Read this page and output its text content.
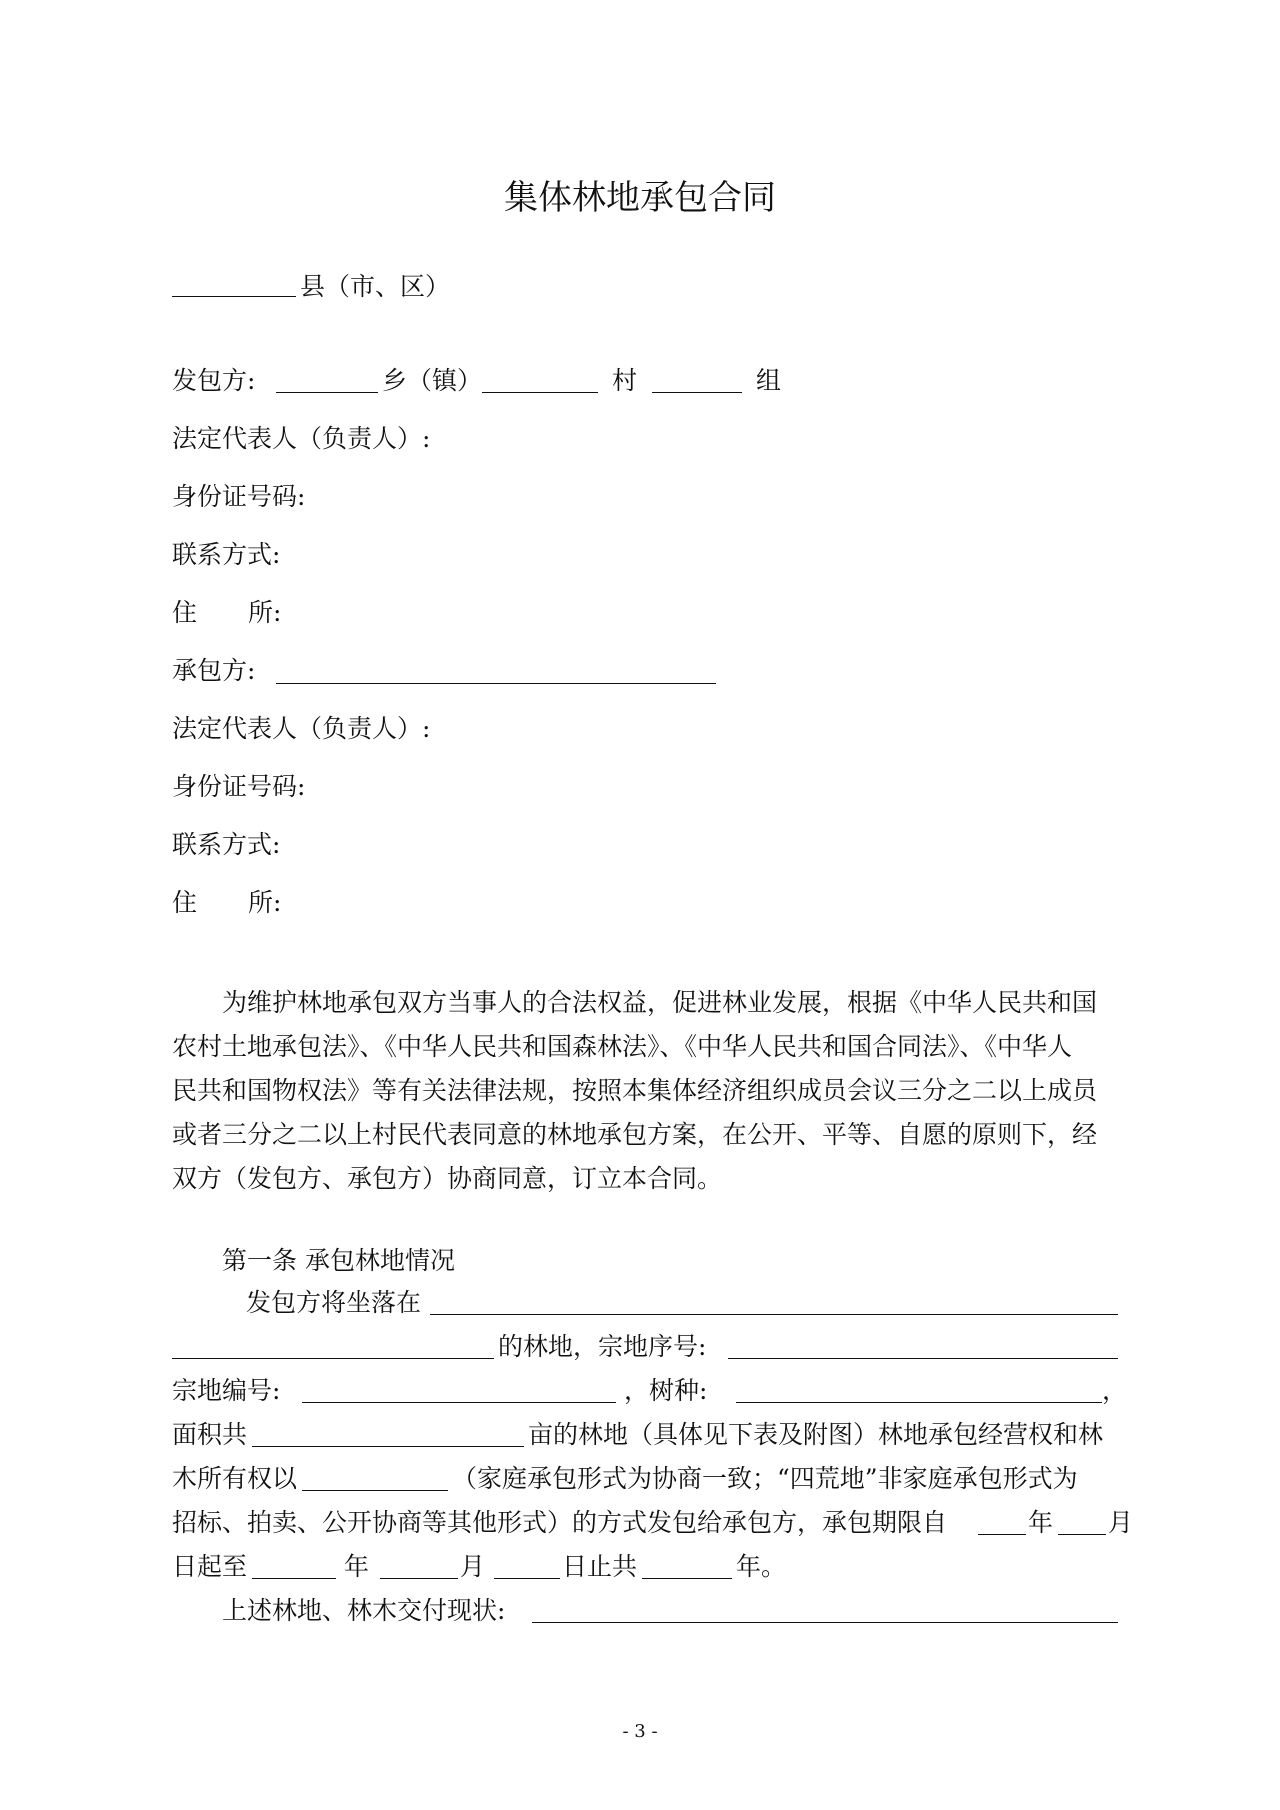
集体林地承包合同
县（市、区）
发包方:	乡（镇）	村	组
法定代表人（负责人）:
身份证号码:
联系方式:
住 所:
承包方:
法定代表人（负责人）:
身份证号码:
联系方式:
住 所:
为维护林地承包双方当事人的合法权益，促进林业发展，根据《中华人民共和国
农村土地承包法》、《中华人民共和国森林法》、《中华人民共和国合同法》、《中华人
民共和国物权法》等有关法律法规，按照本集体经济组织成员会议三分之二以上成员
或者三分之二以上村民代表同意的林地承包方案，在公开、平等、自愿的原则下，经
双方（发包方、承包方）协商同意，订立本合同。
第一条 承包林地情况
发包方将坐落在
的林地，宗地序号:
宗地编号:	，树种:	，
面积共	亩的林地（具体见下表及附图）林地承包经营权和林
木所有权以	（家庭承包形式为协商一致；“四荒地”非家庭承包形式为
招标、拍卖、公开协商等其他形式）的方式发包给承包方，承包期限自	年 月
日起至	年	月	日止共	年。
上述林地、林木交付现状:
- 3 -
